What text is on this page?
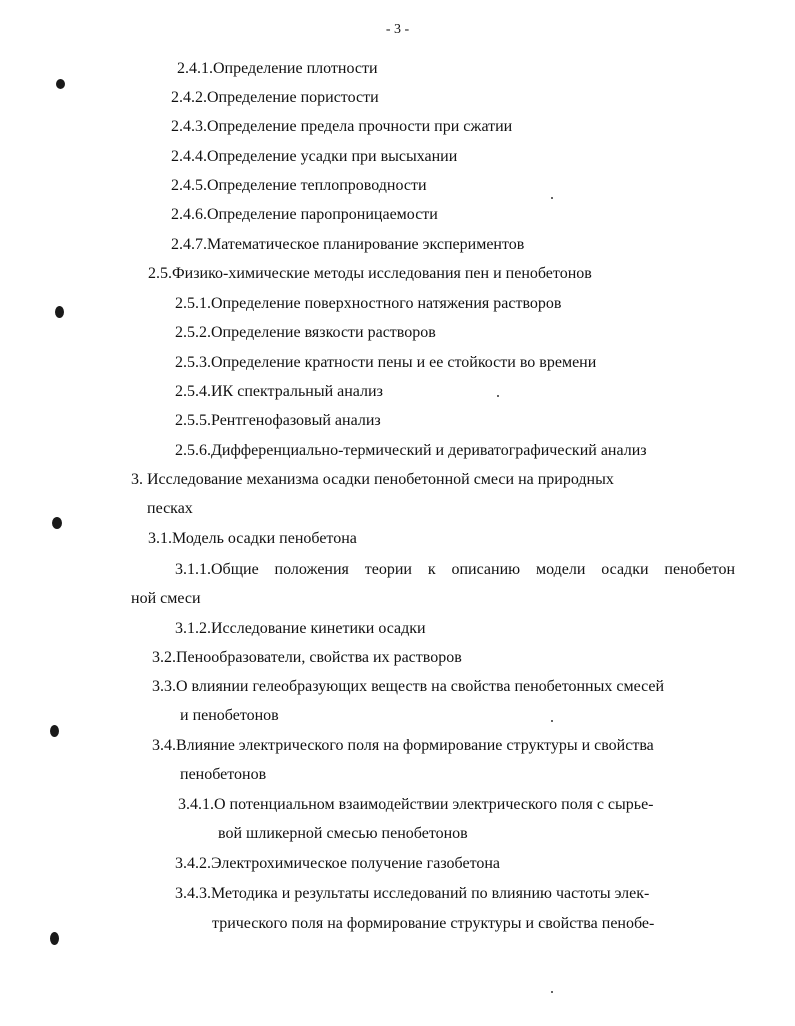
- 3 -
2.4.1.Определение плотности
2.4.2.Определение пористости
2.4.3.Определение предела прочности при сжатии
2.4.4.Определение усадки при высыхании
2.4.5.Определение теплопроводности
2.4.6.Определение паропроницаемости
2.4.7.Математическое планирование экспериментов
2.5.Физико-химические методы исследования пен и пенобетонов
2.5.1.Определение поверхностного натяжения растворов
2.5.2.Определение вязкости растворов
2.5.3.Определение кратности пены и ее стойкости во времени
2.5.4.ИК спектральный анализ
2.5.5.Рентгенофазовый анализ
2.5.6.Дифференциально-термический и дериватографический анализ
3. Исследование механизма осадки пенобетонной смеси на природных
песках
3.1.Модель осадки пенобетона
3.1.1.Общие положения теории к описанию модели осадки пенобетон
ной смеси
3.1.2.Исследование кинетики осадки
3.2.Пенообразователи, свойства их растворов
3.3.О влиянии гелеобразующих веществ на свойства пенобетонных смесей
и пенобетонов
3.4.Влияние электрического поля на формирование структуры и свойства
пенобетонов
3.4.1.О потенциальном взаимодействии электрического поля с сырье-
вой шликерной смесью пенобетонов
3.4.2.Электрохимическое получение газобетона
3.4.3.Методика и результаты исследований по влиянию частоты элек-
трического поля на формирование структуры и свойства пенобе-
